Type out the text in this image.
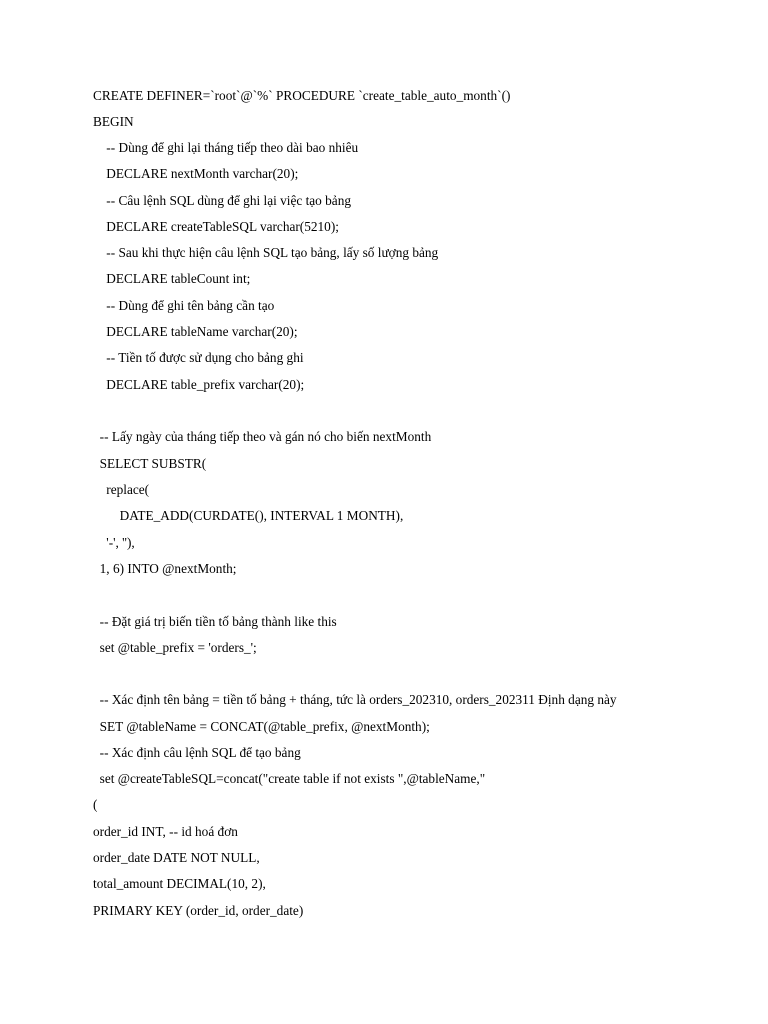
CREATE DEFINER=`root`@`%` PROCEDURE `create_table_auto_month`()
BEGIN
-- Dùng để ghi lại tháng tiếp theo dài bao nhiêu
DECLARE nextMonth varchar(20);
-- Câu lệnh SQL dùng để ghi lại việc tạo bảng
DECLARE createTableSQL varchar(5210);
-- Sau khi thực hiện câu lệnh SQL tạo bảng, lấy số lượng bảng
DECLARE tableCount int;
-- Dùng để ghi tên bảng cần tạo
DECLARE tableName varchar(20);
-- Tiền tố được sử dụng cho bảng ghi
DECLARE table_prefix varchar(20);
-- Lấy ngày của tháng tiếp theo và gán nó cho biến nextMonth
SELECT SUBSTR(
replace(
DATE_ADD(CURDATE(), INTERVAL 1 MONTH),
'-', ''),
1, 6) INTO @nextMonth;
-- Đặt giá trị biến tiền tố bảng thành like this
set @table_prefix = 'orders_';
-- Xác định tên bảng = tiền tố bảng + tháng, tức là orders_202310, orders_202311 Định dạng này
SET @tableName = CONCAT(@table_prefix, @nextMonth);
-- Xác định câu lệnh SQL để tạo bảng
set @createTableSQL=concat("create table if not exists ",@tableName,"
(
order_id INT, -- id hoá đơn
order_date DATE NOT NULL,
total_amount DECIMAL(10, 2),
PRIMARY KEY (order_id, order_date)
